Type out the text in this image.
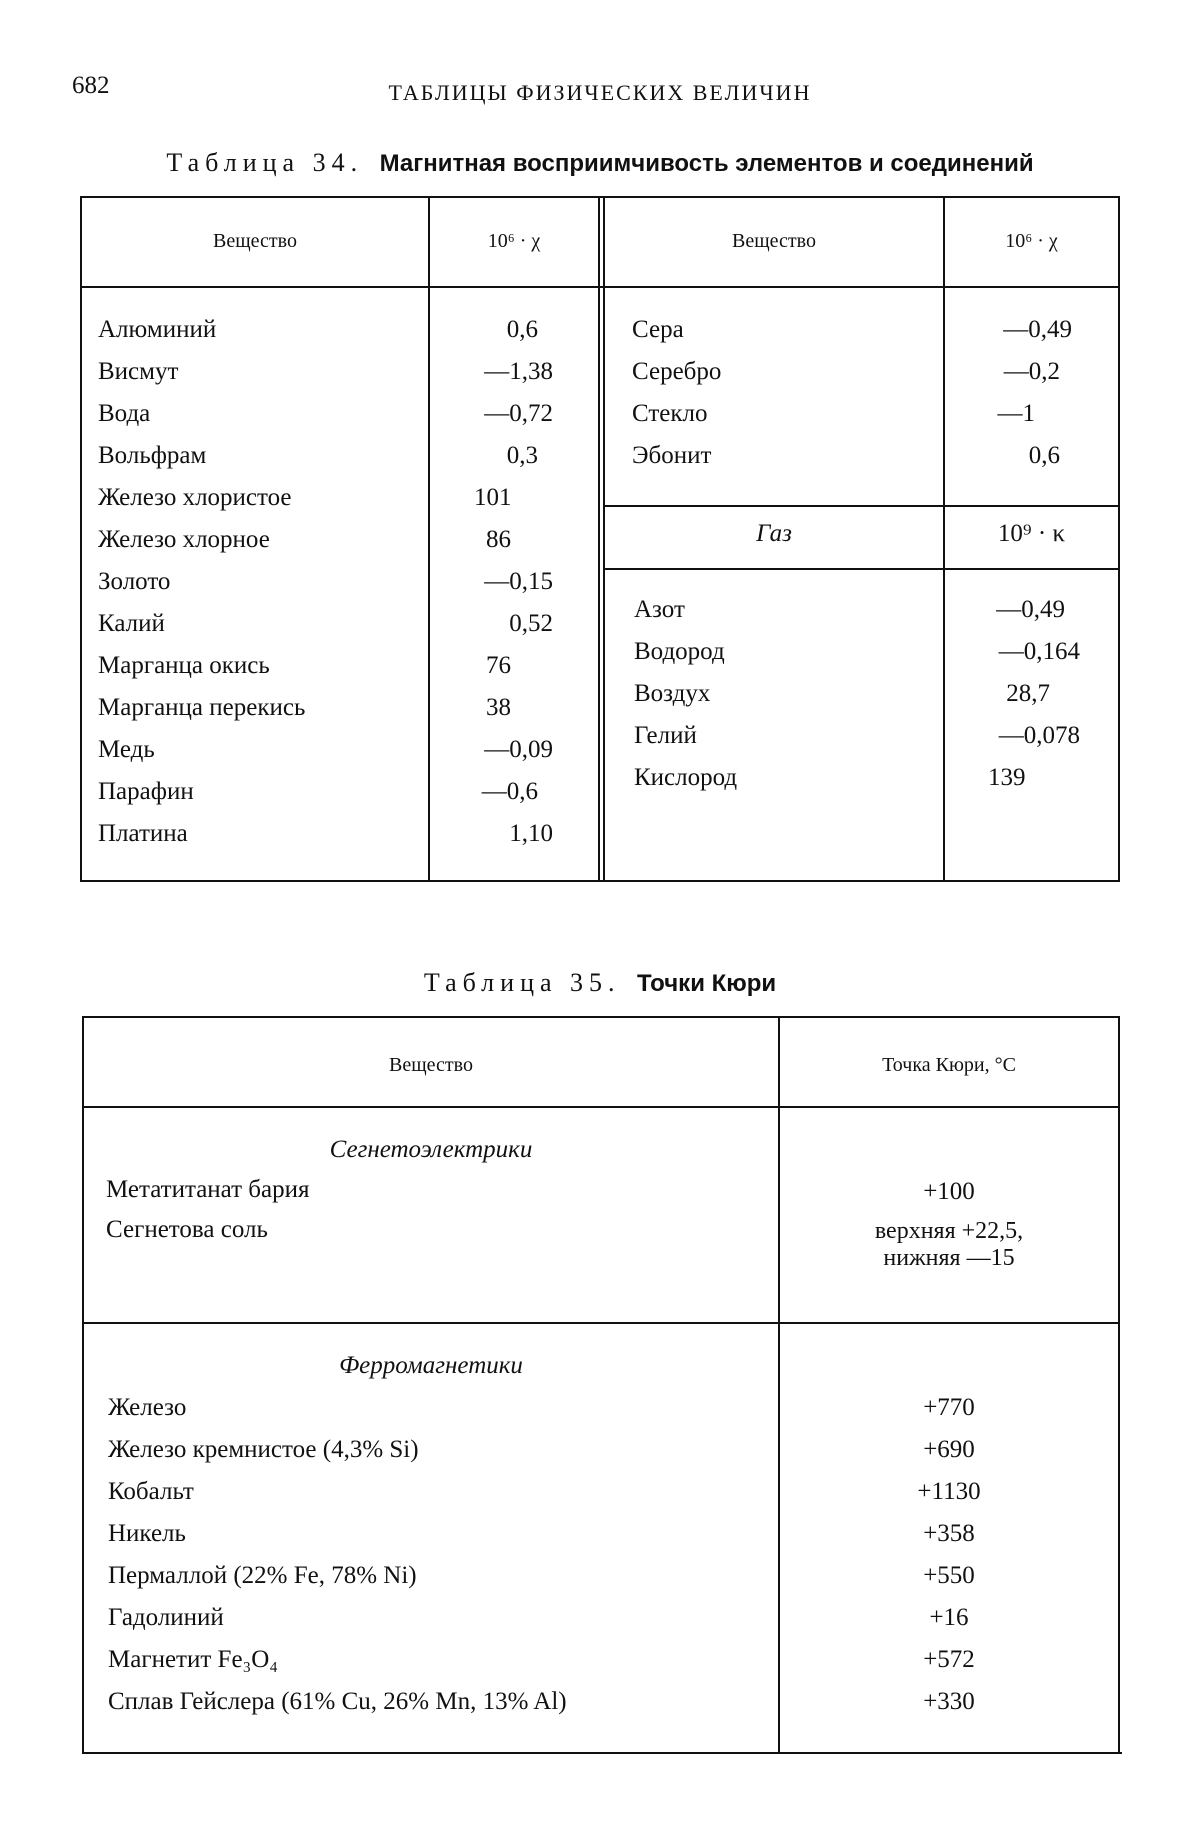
682	ТАБЛИЦЫ ФИЗИЧЕСКИХ ВЕЛИЧИН
Таблица 34. Магнитная восприимчивость элементов и соединений
Вещество	10⁶ · χ	Вещество	10⁶ · χ
Газ	10⁹ · κ
Алюминий	0,6
Висмут	—1,38
Вода	—0,72
Вольфрам	0,3
Железо хлористое	101
Железо хлорное	86
Золото	—0,15
Калий	0,52
Марганца окись	76
Марганца перекись	38
Медь	—0,09
Парафин	—0,6
Платина	1,10
Сера	—0,49
Серебро	—0,2
Стекло	—1
Эбонит	0,6
Азот	—0,49
Водород	—0,164
Воздух	28,7
Гелий	—0,078
Кислород	139
Таблица 35. Точки Кюри
Вещество	Точка Кюри, °С
Сегнетоэлектрики
Метатитанат бария	+100
Сегнетова соль	верхняя +22,5,
нижняя —15
Ферромагнетики
Железо	+770
Железо кремнистое (4,3% Si)	+690
Кобальт	+1130
Никель	+358
Пермаллой (22% Fe, 78% Ni)	+550
Гадолиний	+16
Магнетит Fe₃O₄	+572
Сплав Гейслера (61% Cu, 26% Mn, 13% Al)	+330
